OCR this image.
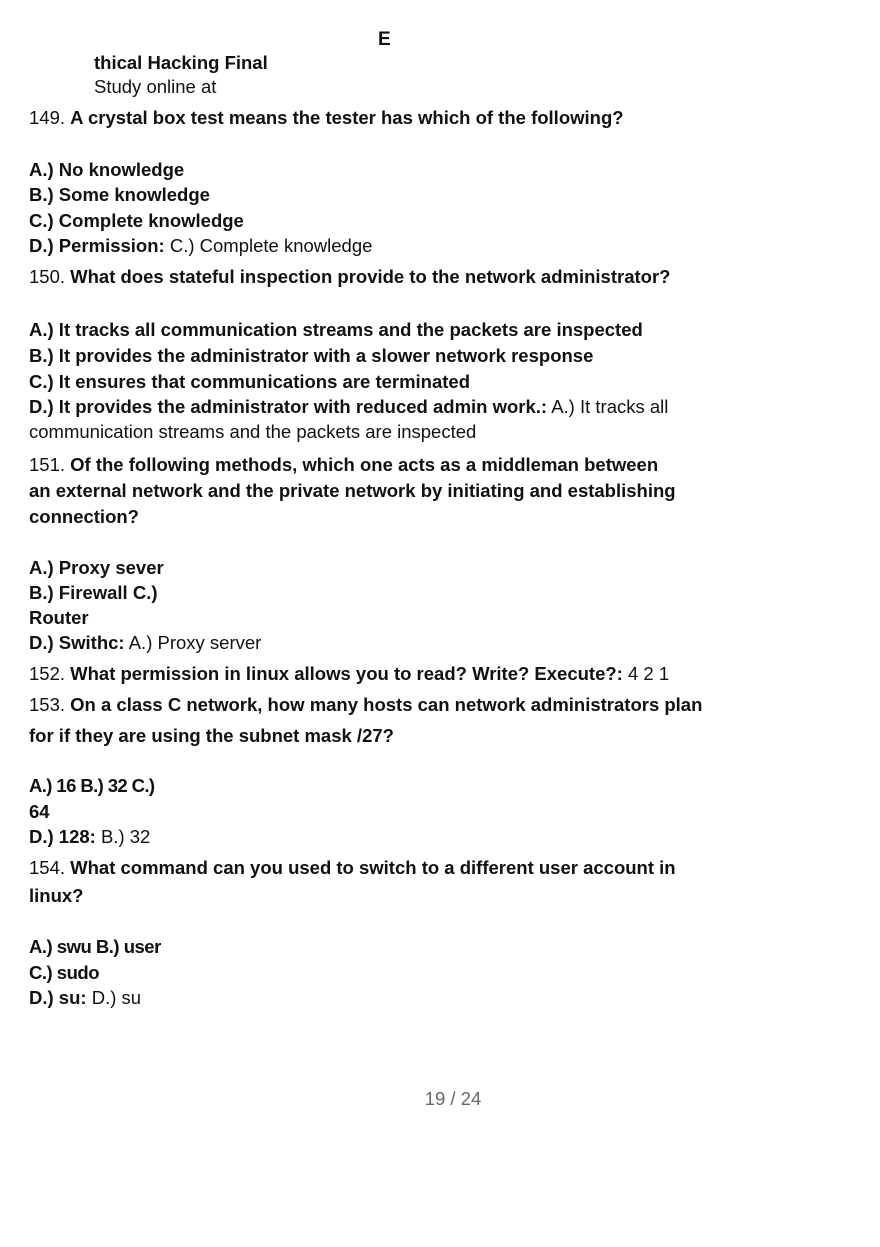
E
thical Hacking Final
Study online at
149. A crystal box test means the tester has which of the following?
A.) No knowledge
B.) Some knowledge
C.) Complete knowledge
D.) Permission: C.) Complete knowledge
150. What does stateful inspection provide to the network administrator?
A.) It tracks all communication streams and the packets are inspected
B.) It provides the administrator with a slower network response
C.) It ensures that communications are terminated
D.) It provides the administrator with reduced admin work.: A.) It tracks all
communication streams and the packets are inspected
151. Of the following methods, which one acts as a middleman between
an external network and the private network by initiating and establishing
connection?
A.) Proxy sever
B.) Firewall C.)
Router
D.) Swithc: A.) Proxy server
152. What permission in linux allows you to read? Write? Execute?: 4 2 1
153. On a class C network, how many hosts can network administrators plan
for if they are using the subnet mask /27?
A.) 16 B.) 32 C.)
64
D.) 128: B.) 32
154. What command can you used to switch to a different user account in
linux?
A.) swu B.) user
C.) sudo
D.) su: D.) su
19 / 24
